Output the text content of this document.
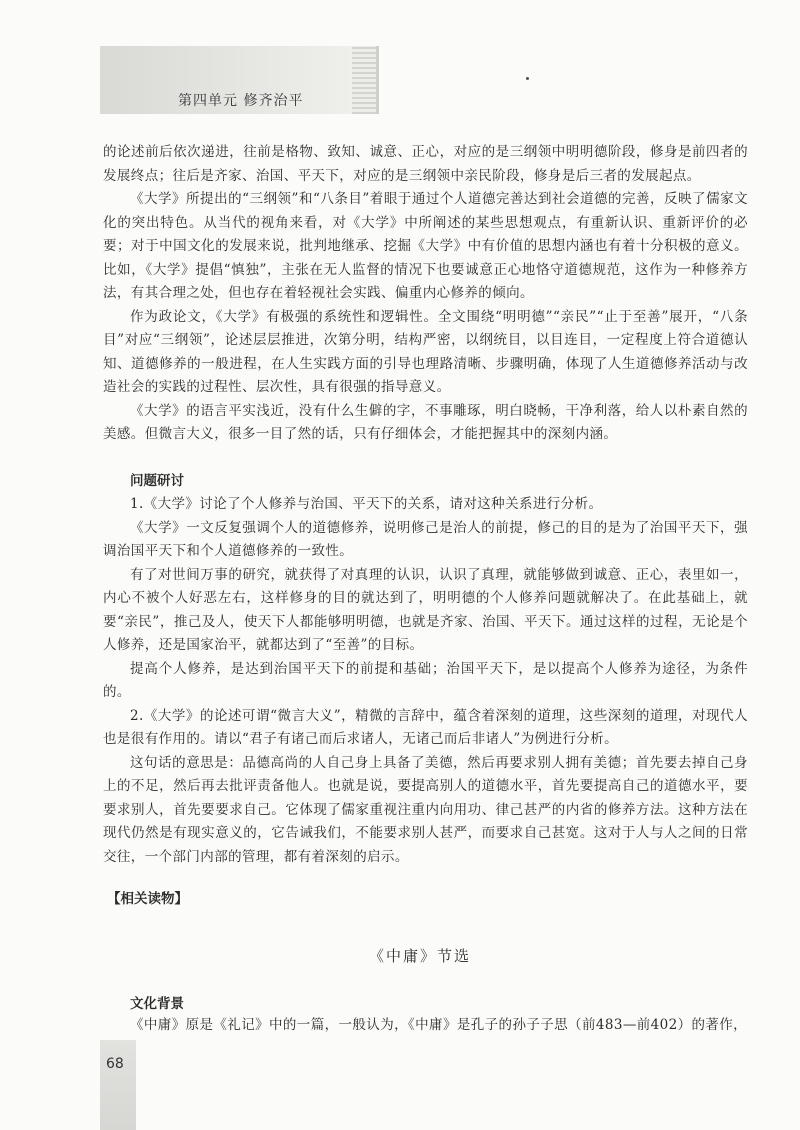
第四单元 修齐治平

的论述前后依次递进，往前是格物、致知、诚意、正心，对应的是三纲领中明明德阶段，修身是前四者的发展终点；往后是齐家、治国、平天下，对应的是三纲领中亲民阶段，修身是后三者的发展起点。

《大学》所提出的“三纲领”和“八条目”着眼于通过个人道德完善达到社会道德的完善，反映了儒家文化的突出特色。从当代的视角来看，对《大学》中所阐述的某些思想观点，有重新认识、重新评价的必要；对于中国文化的发展来说，批判地继承、挖掘《大学》中有价值的思想内涵也有着十分积极的意义。比如，《大学》提倡“慎独”，主张在无人监督的情况下也要诚意正心地恪守道德规范，这作为一种修养方法，有其合理之处，但也存在着轻视社会实践、偏重内心修养的倾向。

作为政论文，《大学》有极强的系统性和逻辑性。全文围绕“明明德”“亲民”“止于至善”展开，“八条目”对应“三纲领”，论述层层推进，次第分明，结构严密，以纲统目，以目连目，一定程度上符合道德认知、道德修养的一般进程，在人生实践方面的引导也理路清晰、步骤明确，体现了人生道德修养活动与改造社会的实践的过程性、层次性，具有很强的指导意义。

《大学》的语言平实浅近，没有什么生僻的字，不事雕琢，明白晓畅，干净利落，给人以朴素自然的美感。但微言大义，很多一目了然的话，只有仔细体会，才能把握其中的深刻内涵。

问题研讨

1.《大学》讨论了个人修养与治国、平天下的关系，请对这种关系进行分析。

《大学》一文反复强调个人的道德修养，说明修己是治人的前提，修己的目的是为了治国平天下，强调治国平天下和个人道德修养的一致性。

有了对世间万事的研究，就获得了对真理的认识，认识了真理，就能够做到诚意、正心，表里如一，内心不被个人好恶左右，这样修身的目的就达到了，明明德的个人修养问题就解决了。在此基础上，就要“亲民”，推己及人，使天下人都能够明明德，也就是齐家、治国、平天下。通过这样的过程，无论是个人修养，还是国家治平，就都达到了“至善”的目标。

提高个人修养，是达到治国平天下的前提和基础；治国平天下，是以提高个人修养为途径，为条件的。

2.《大学》的论述可谓“微言大义”，精微的言辞中，蕴含着深刻的道理，这些深刻的道理，对现代人也是很有作用的。请以“君子有诸己而后求诸人，无诸己而后非诸人”为例进行分析。

这句话的意思是：品德高尚的人自己身上具备了美德，然后再要求别人拥有美德；首先要去掉自己身上的不足，然后再去批评责备他人。也就是说，要提高别人的道德水平，首先要提高自己的道德水平，要要求别人，首先要要求自己。它体现了儒家重视注重内向用功、律己甚严的内省的修养方法。这种方法在现代仍然是有现实意义的，它告诫我们，不能要求别人甚严，而要求自己甚宽。这对于人与人之间的日常交往，一个部门内部的管理，都有着深刻的启示。

【相关读物】
《中庸》节选
文化背景
《中庸》原是《礼记》中的一篇，一般认为，《中庸》是孔子的孙子子思（前483—前402）的著作，
68
